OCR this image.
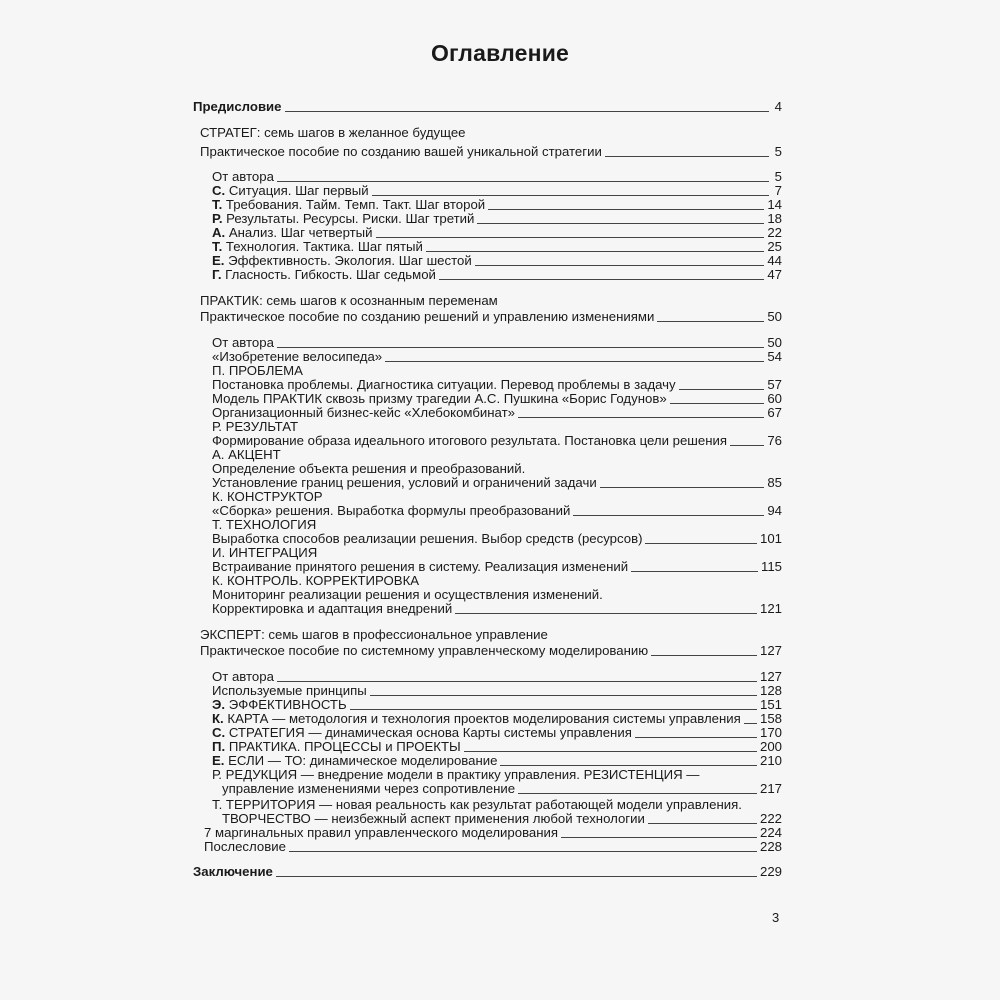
Оглавление
Предисловие	4
СТРАТЕГ: семь шагов в желанное будущее
Практическое пособие по созданию вашей уникальной стратегии	5
От автора	5
С. Ситуация. Шаг первый	7
Т. Требования. Тайм. Темп. Такт. Шаг второй	14
Р. Результаты. Ресурсы. Риски. Шаг третий	18
А. Анализ. Шаг четвертый	22
Т. Технология. Тактика. Шаг пятый	25
Е. Эффективность. Экология. Шаг шестой	44
Г. Гласность. Гибкость. Шаг седьмой	47
ПРАКТИК: семь шагов к осознанным переменам
Практическое пособие по созданию решений и управлению изменениями	50
От автора	50
«Изобретение велосипеда»	54
П. ПРОБЛЕМА
Постановка проблемы. Диагностика ситуации. Перевод проблемы в задачу	57
Модель ПРАКТИК сквозь призму трагедии А.С. Пушкина «Борис Годунов»	60
Организационный бизнес-кейс «Хлебокомбинат»	67
Р. РЕЗУЛЬТАТ
Формирование образа идеального итогового результата. Постановка цели решения	76
А. АКЦЕНТ
Определение объекта решения и преобразований.
Установление границ решения, условий и ограничений задачи	85
К. КОНСТРУКТОР
«Сборка» решения. Выработка формулы преобразований	94
Т. ТЕХНОЛОГИЯ
Выработка способов реализации решения. Выбор средств (ресурсов)	101
И. ИНТЕГРАЦИЯ
Встраивание принятого решения в систему. Реализация изменений	115
К. КОНТРОЛЬ. КОРРЕКТИРОВКА
Мониторинг реализации решения и осуществления изменений.
Корректировка и адаптация внедрений	121
ЭКСПЕРТ: семь шагов в профессиональное управление
Практическое пособие по системному управленческому моделированию	127
От автора	127
Используемые принципы	128
Э. ЭФФЕКТИВНОСТЬ	151
К. КАРТА — методология и технология проектов моделирования системы управления 158
С. СТРАТЕГИЯ — динамическая основа Карты системы управления	170
П. ПРАКТИКА. ПРОЦЕССЫ и ПРОЕКТЫ	200
Е. ЕСЛИ — ТО: динамическое моделирование	210
Р. РЕДУКЦИЯ — внедрение модели в практику управления. РЕЗИСТЕНЦИЯ —
управление изменениями через сопротивление	217
Т. ТЕРРИТОРИЯ — новая реальность как результат работающей модели управления.
ТВОРЧЕСТВО — неизбежный аспект применения любой технологии	222
7 маргинальных правил управленческого моделирования	224
Послесловие	228
Заключение	229
3
